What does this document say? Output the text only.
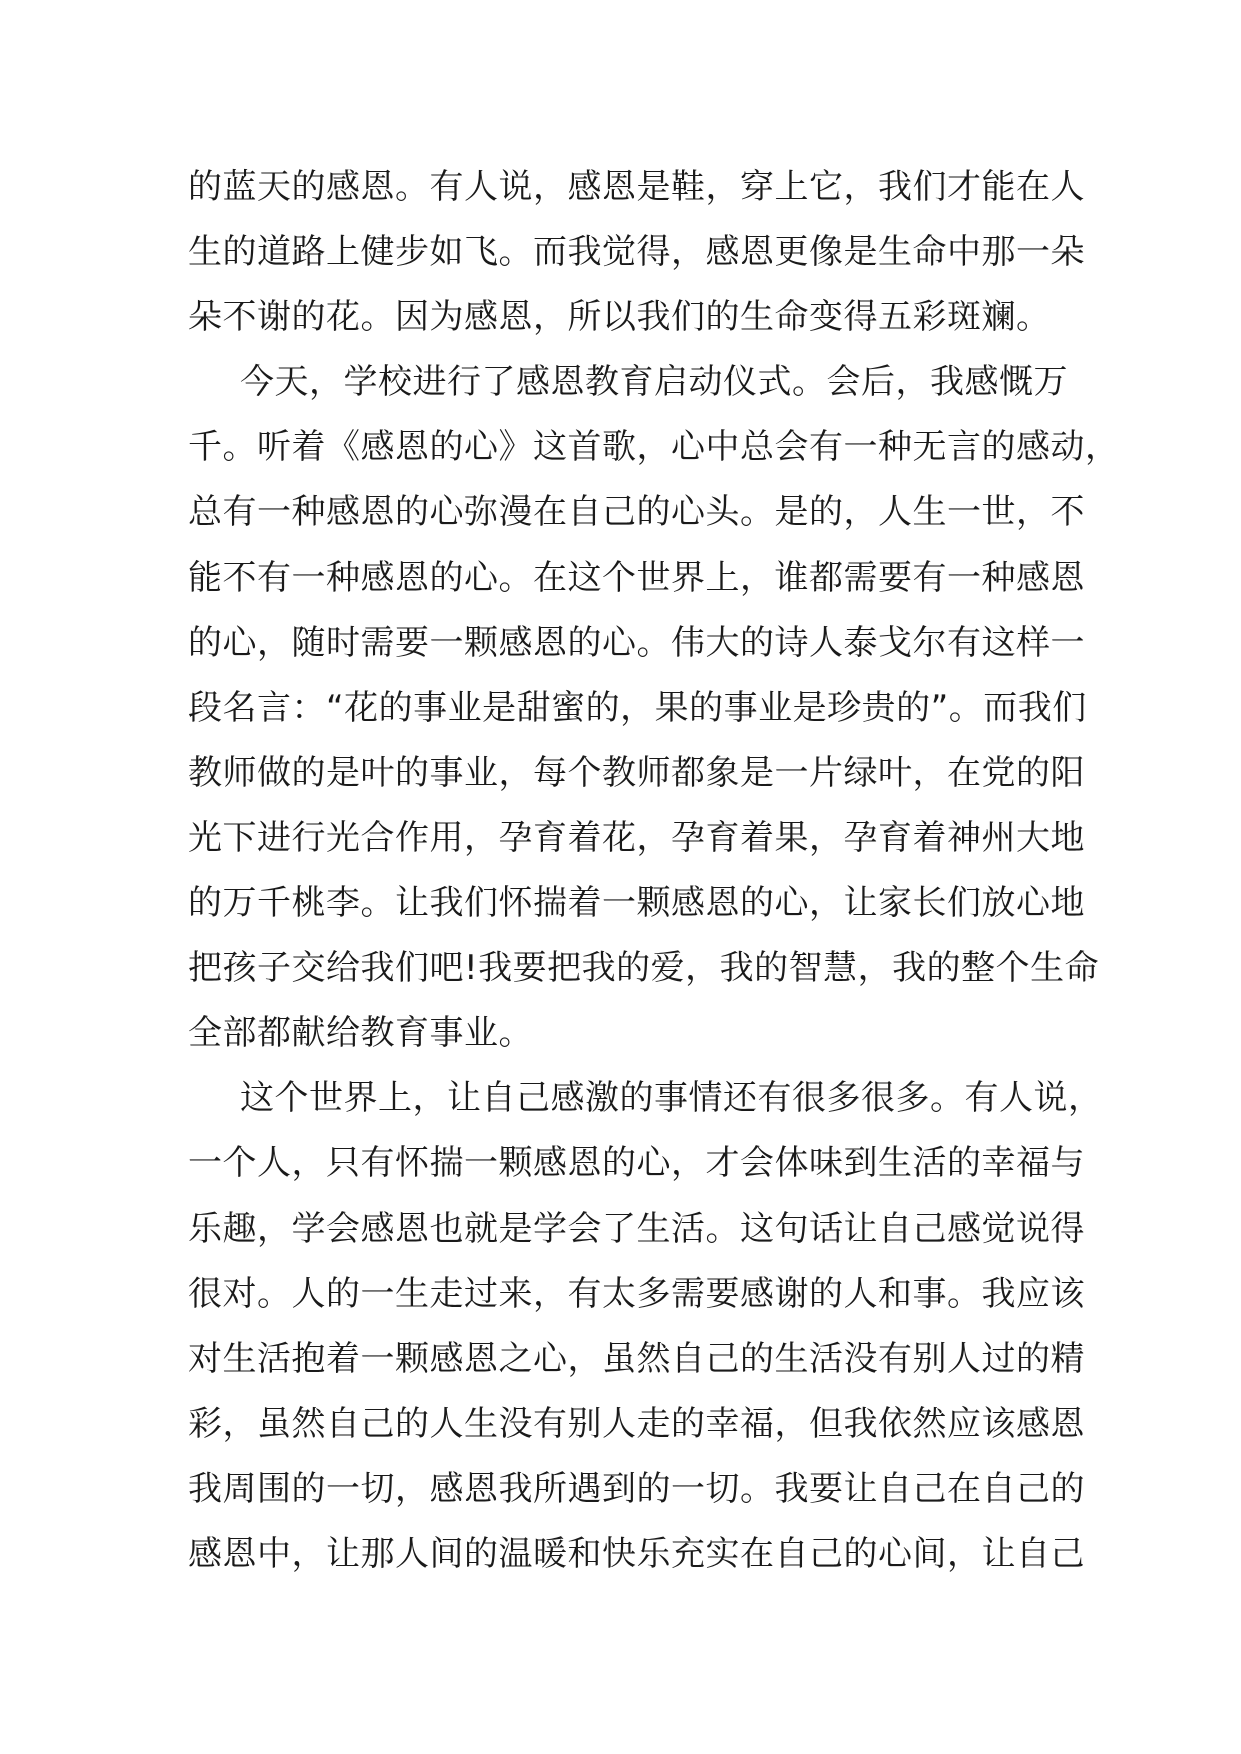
的蓝天的感恩。有人说，感恩是鞋，穿上它，我们才能在人
生的道路上健步如飞。而我觉得，感恩更像是生命中那一朵
朵不谢的花。因为感恩，所以我们的生命变得五彩斑斓。
今天，学校进行了感恩教育启动仪式。会后，我感慨万
千。听着《感恩的心》这首歌，心中总会有一种无言的感动，
总有一种感恩的心弥漫在自己的心头。是的，人生一世，不
能不有一种感恩的心。在这个世界上，谁都需要有一种感恩
的心，随时需要一颗感恩的心。伟大的诗人泰戈尔有这样一
段名言：“花的事业是甜蜜的，果的事业是珍贵的”。而我们
教师做的是叶的事业，每个教师都象是一片绿叶，在党的阳
光下进行光合作用，孕育着花，孕育着果，孕育着神州大地
的万千桃李。让我们怀揣着一颗感恩的心，让家长们放心地
把孩子交给我们吧!我要把我的爱，我的智慧，我的整个生命
全部都献给教育事业。
这个世界上，让自己感激的事情还有很多很多。有人说，
一个人，只有怀揣一颗感恩的心，才会体味到生活的幸福与
乐趣，学会感恩也就是学会了生活。这句话让自己感觉说得
很对。人的一生走过来，有太多需要感谢的人和事。我应该
对生活抱着一颗感恩之心，虽然自己的生活没有别人过的精
彩，虽然自己的人生没有别人走的幸福，但我依然应该感恩
我周围的一切，感恩我所遇到的一切。我要让自己在自己的
感恩中，让那人间的温暖和快乐充实在自己的心间，让自己
